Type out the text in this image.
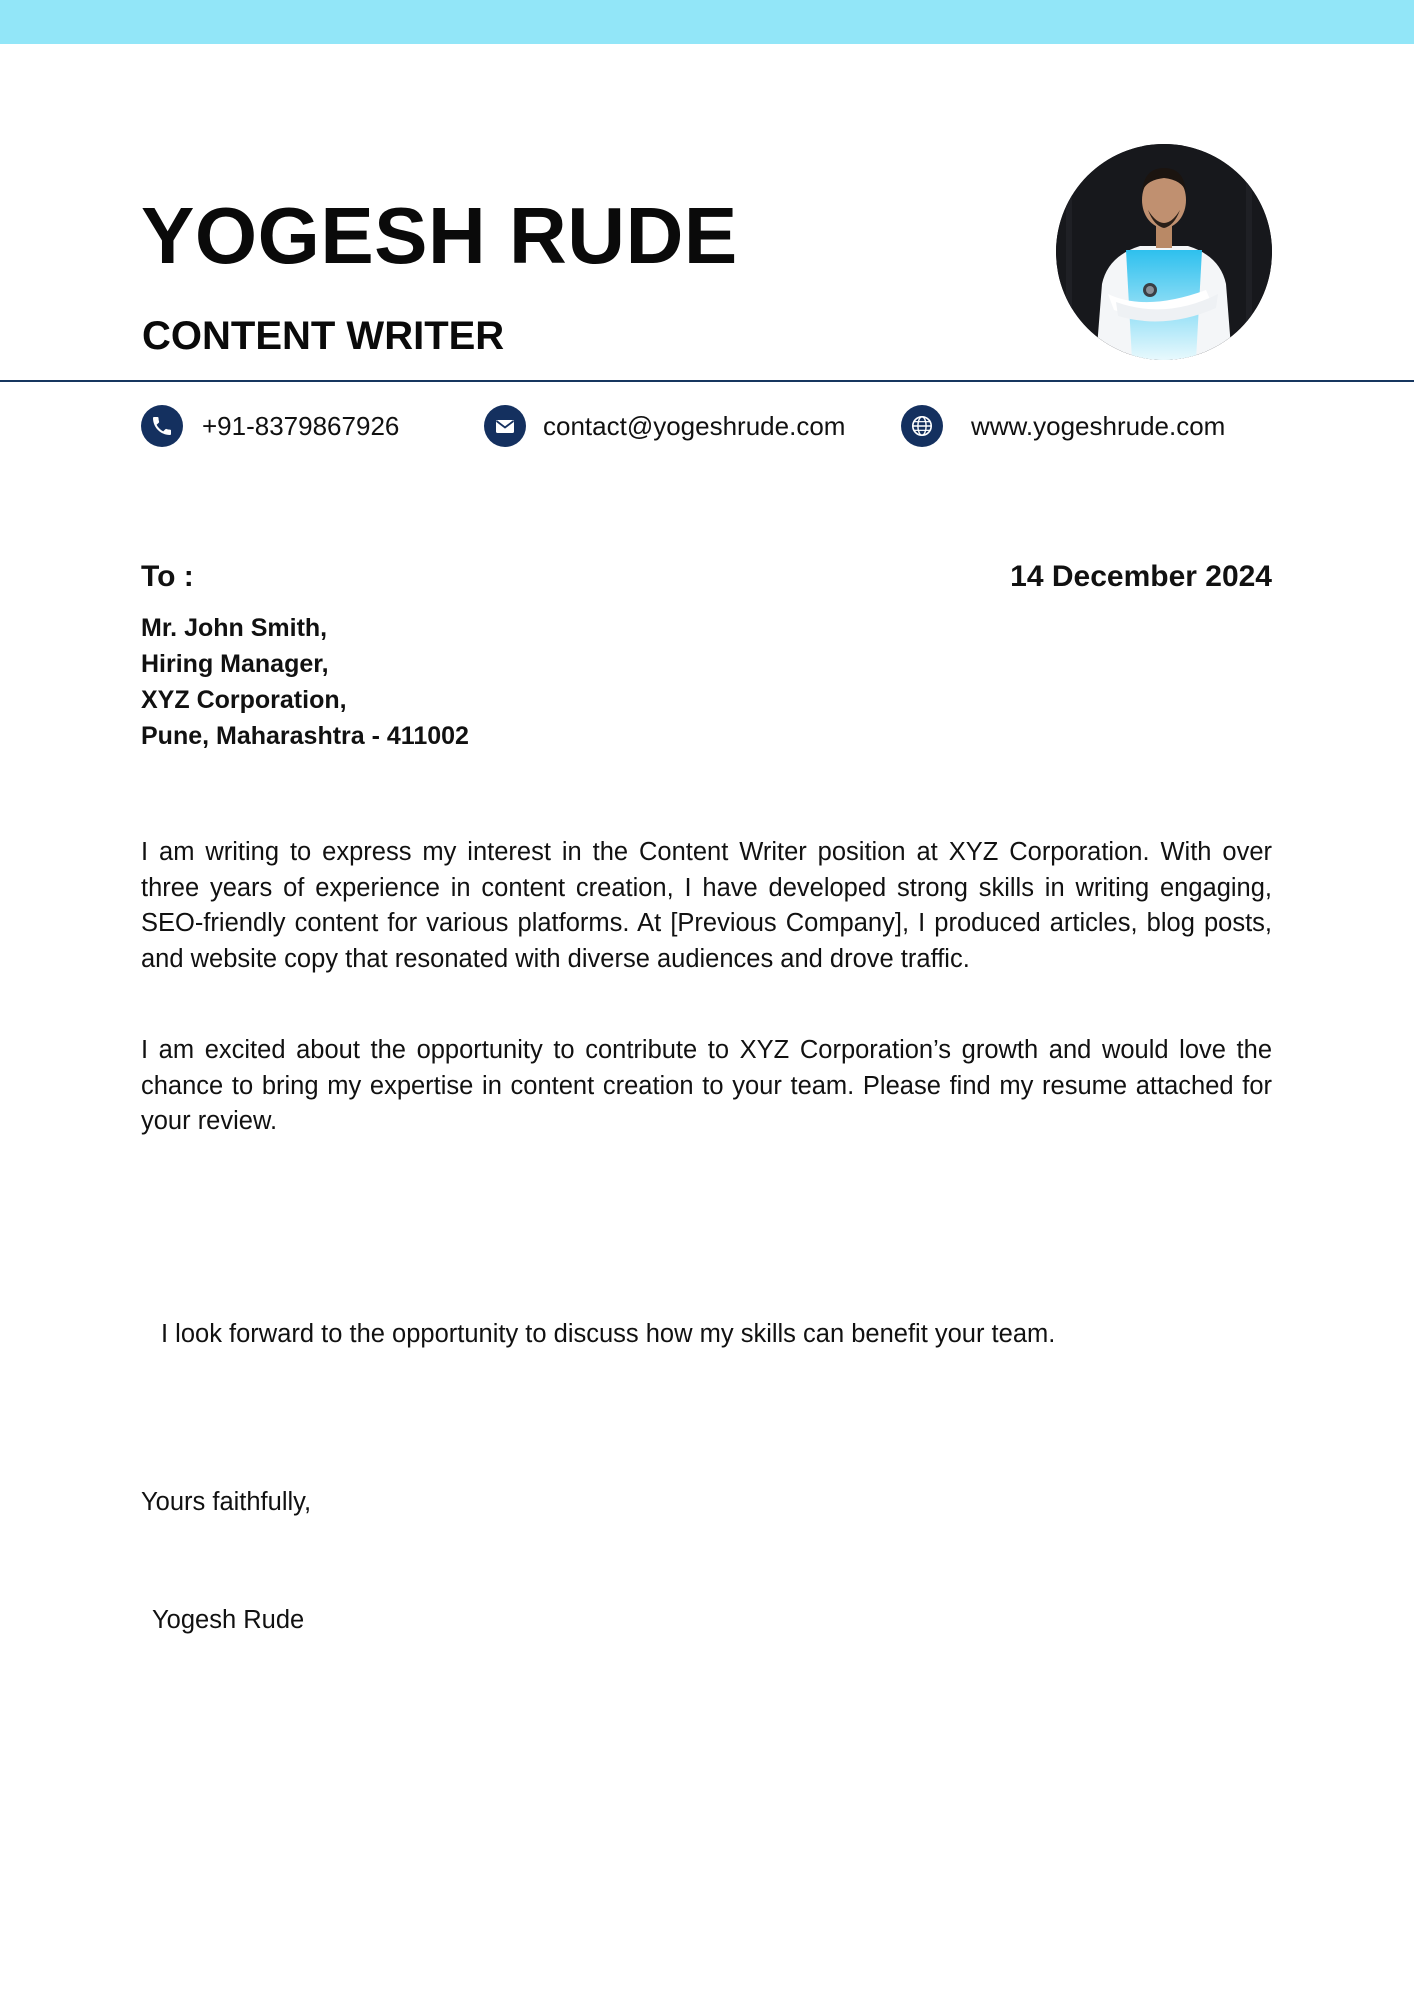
YOGESH RUDE
CONTENT WRITER
+91-8379867926	contact@yogeshrude.com	www.yogeshrude.com
To :	14 December 2024
Mr. John Smith,
Hiring Manager,
XYZ Corporation,
Pune, Maharashtra - 411002
I am writing to express my interest in the Content Writer position at XYZ Corporation. With over three years of experience in content creation, I have developed strong skills in writing engaging, SEO-friendly content for various platforms. At [Previous Company], I produced articles, blog posts, and website copy that resonated with diverse audiences and drove traffic.
I am excited about the opportunity to contribute to XYZ Corporation’s growth and would love the chance to bring my expertise in content creation to your team. Please find my resume attached for your review.
I look forward to the opportunity to discuss how my skills can benefit your team.
Yours faithfully,
Yogesh Rude
